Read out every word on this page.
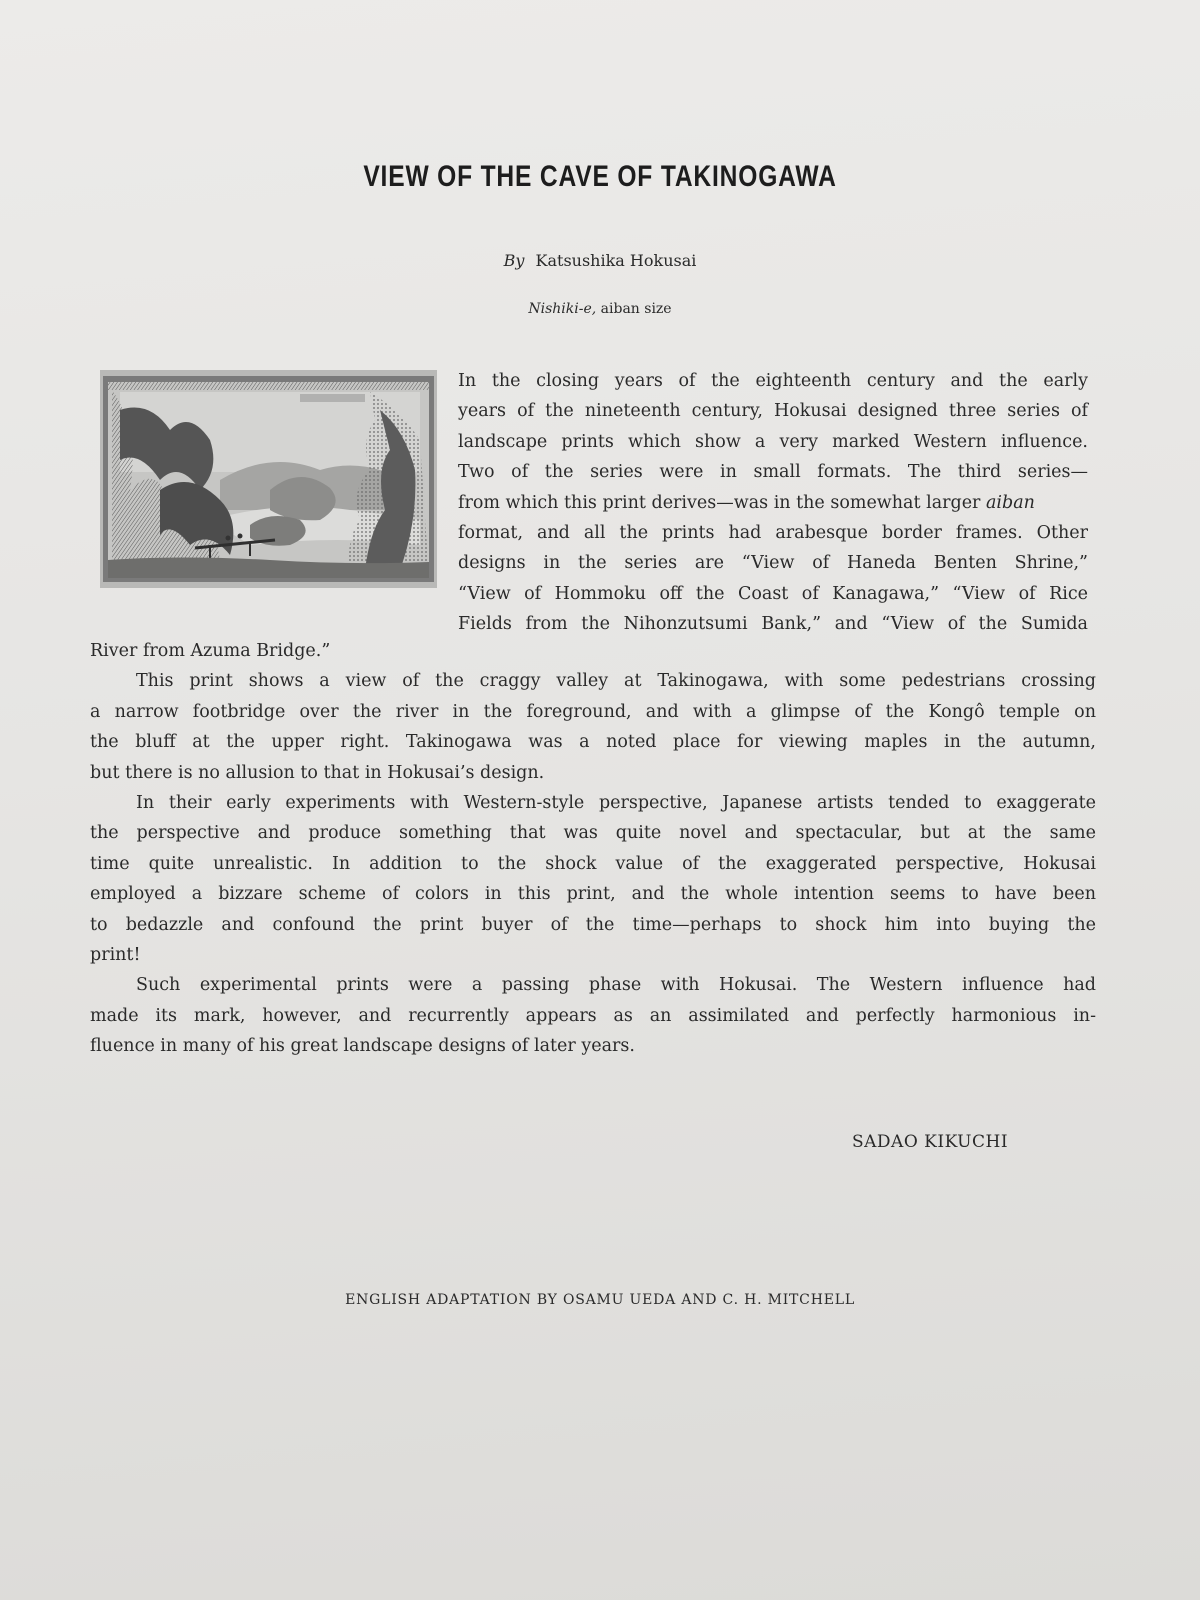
VIEW OF THE CAVE OF TAKINOGAWA
By Katsushika Hokusai
Nishiki-e, aiban size
In the closing years of the eighteenth century and the early
years of the nineteenth century, Hokusai designed three series of
landscape prints which show a very marked Western influence.
Two of the series were in small formats. The third series—
from which this print derives—was in the somewhat larger aiban
format, and all the prints had arabesque border frames. Other
designs in the series are “View of Haneda Benten Shrine,”
“View of Hommoku off the Coast of Kanagawa,” “View of Rice
Fields from the Nihonzutsumi Bank,” and “View of the Sumida
River from Azuma Bridge.”
This print shows a view of the craggy valley at Takinogawa, with some pedestrians crossing
a narrow footbridge over the river in the foreground, and with a glimpse of the Kongô temple on
the bluff at the upper right. Takinogawa was a noted place for viewing maples in the autumn,
but there is no allusion to that in Hokusai’s design.
In their early experiments with Western-style perspective, Japanese artists tended to exaggerate
the perspective and produce something that was quite novel and spectacular, but at the same
time quite unrealistic. In addition to the shock value of the exaggerated perspective, Hokusai
employed a bizzare scheme of colors in this print, and the whole intention seems to have been
to bedazzle and confound the print buyer of the time—perhaps to shock him into buying the
print!
Such experimental prints were a passing phase with Hokusai. The Western influence had
made its mark, however, and recurrently appears as an assimilated and perfectly harmonious in-
fluence in many of his great landscape designs of later years.
SADAO KIKUCHI
ENGLISH ADAPTATION BY OSAMU UEDA AND C. H. MITCHELL
